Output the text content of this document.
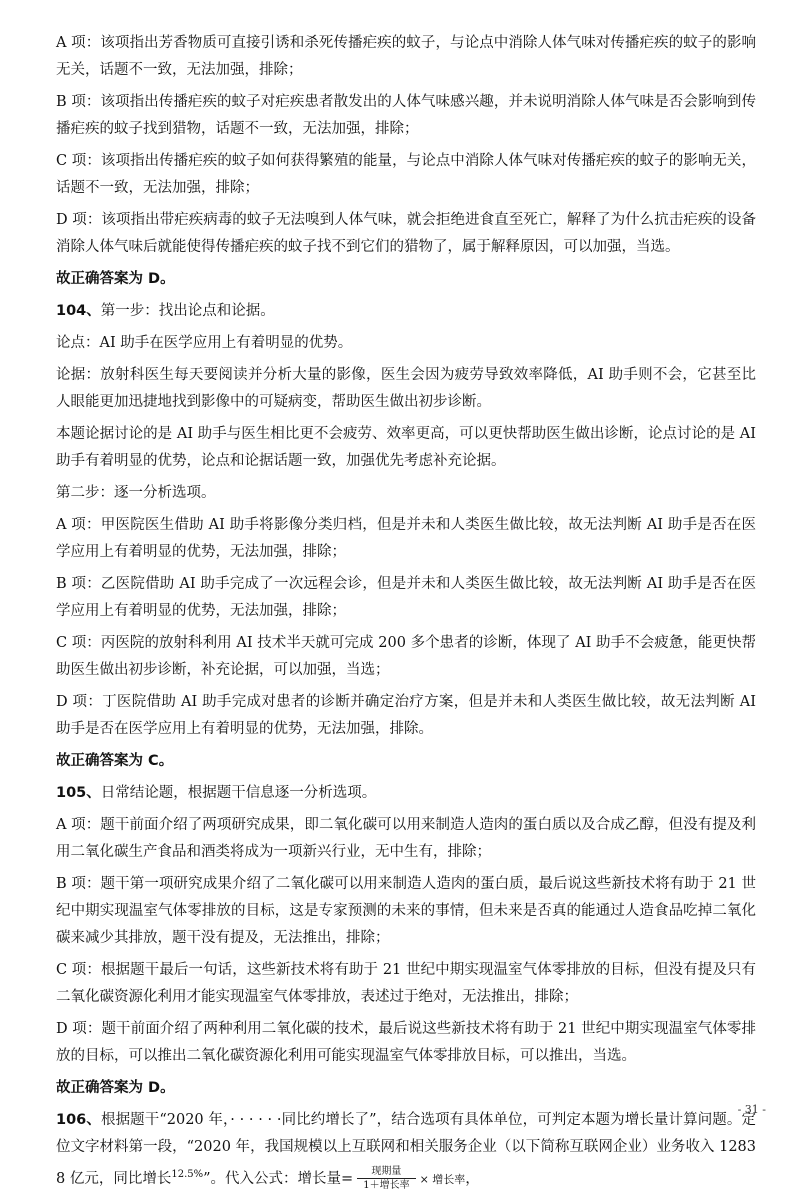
A 项：该项指出芳香物质可直接引诱和杀死传播疟疾的蚊子，与论点中消除人体气味对传播疟疾的蚊子的影响无关，话题不一致，无法加强，排除；

B 项：该项指出传播疟疾的蚊子对疟疾患者散发出的人体气味感兴趣，并未说明消除人体气味是否会影响到传播疟疾的蚊子找到猎物，话题不一致，无法加强，排除；

C 项：该项指出传播疟疾的蚊子如何获得繁殖的能量，与论点中消除人体气味对传播疟疾的蚊子的影响无关，话题不一致，无法加强，排除；

D 项：该项指出带疟疾病毒的蚊子无法嗅到人体气味，就会拒绝进食直至死亡，解释了为什么抗击疟疾的设备消除人体气味后就能使得传播疟疾的蚊子找不到它们的猎物了，属于解释原因，可以加强，当选。

故正确答案为 D。

104、第一步：找出论点和论据。

论点：AI 助手在医学应用上有着明显的优势。

论据：放射科医生每天要阅读并分析大量的影像，医生会因为疲劳导致效率降低，AI 助手则不会，它甚至比人眼能更加迅捷地找到影像中的可疑病变，帮助医生做出初步诊断。

本题论据讨论的是 AI 助手与医生相比更不会疲劳、效率更高，可以更快帮助医生做出诊断，论点讨论的是 AI 助手有着明显的优势，论点和论据话题一致，加强优先考虑补充论据。

第二步：逐一分析选项。

A 项：甲医院医生借助 AI 助手将影像分类归档，但是并未和人类医生做比较，故无法判断 AI 助手是否在医学应用上有着明显的优势，无法加强，排除；

B 项：乙医院借助 AI 助手完成了一次远程会诊，但是并未和人类医生做比较，故无法判断 AI 助手是否在医学应用上有着明显的优势，无法加强，排除；

C 项：丙医院的放射科利用 AI 技术半天就可完成 200 多个患者的诊断，体现了 AI 助手不会疲惫，能更快帮助医生做出初步诊断，补充论据，可以加强，当选；

D 项：丁医院借助 AI 助手完成对患者的诊断并确定治疗方案，但是并未和人类医生做比较，故无法判断 AI 助手是否在医学应用上有着明显的优势，无法加强，排除。

故正确答案为 C。

105、日常结论题，根据题干信息逐一分析选项。

A 项：题干前面介绍了两项研究成果，即二氧化碳可以用来制造人造肉的蛋白质以及合成乙醇，但没有提及利用二氧化碳生产食品和酒类将成为一项新兴行业，无中生有，排除；

B 项：题干第一项研究成果介绍了二氧化碳可以用来制造人造肉的蛋白质，最后说这些新技术将有助于 21 世纪中期实现温室气体零排放的目标，这是专家预测的未来的事情，但未来是否真的能通过人造食品吃掉二氧化碳来减少其排放，题干没有提及，无法推出，排除；

C 项：根据题干最后一句话，这些新技术将有助于 21 世纪中期实现温室气体零排放的目标，但没有提及只有二氧化碳资源化利用才能实现温室气体零排放，表述过于绝对，无法推出，排除；

D 项：题干前面介绍了两种利用二氧化碳的技术，最后说这些新技术将有助于 21 世纪中期实现温室气体零排放的目标，可以推出二氧化碳资源化利用可能实现温室气体零排放目标，可以推出，当选。

故正确答案为 D。

106、根据题干“2020 年，· · · · · ·同比约增长了”，结合选项有具体单位，可判定本题为增长量计算问题。定位文字材料第一段，“2020 年，我国规模以上互联网和相关服务企业（以下简称互联网企业）业务收入 12838 亿元，同比增长$^{12.5\%}$”。代入公式：增长量= $\frac{\text{现期量}}{\text{1＋增长率}}$ × 增长率，

- 31 -
